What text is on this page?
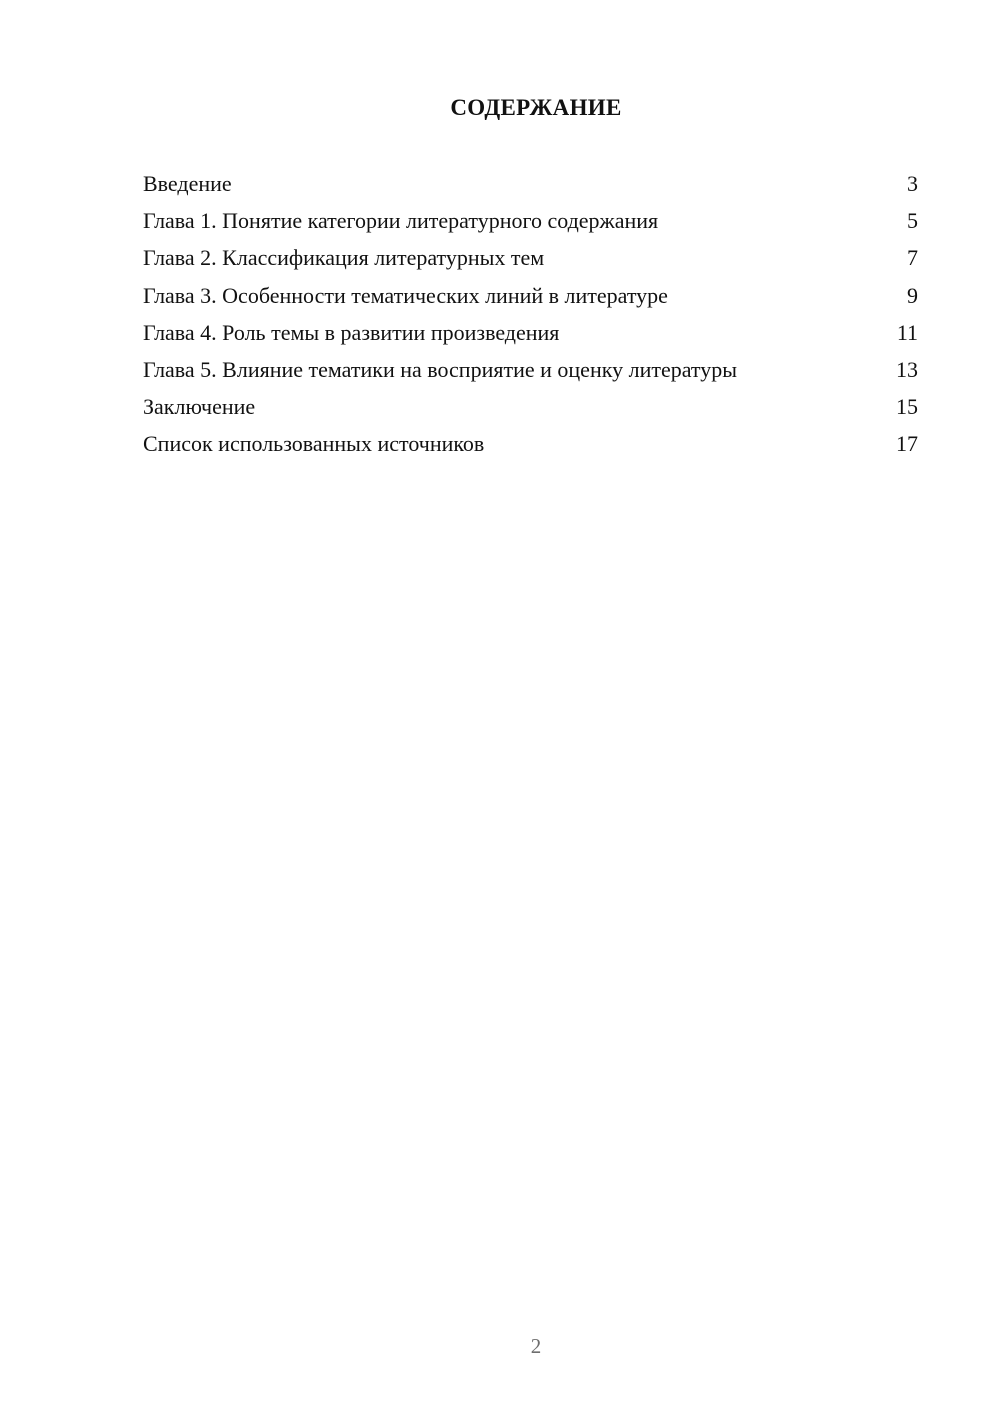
СОДЕРЖАНИЕ
Введение	3
Глава 1. Понятие категории литературного содержания	5
Глава 2. Классификация литературных тем	7
Глава 3. Особенности тематических линий в литературе	9
Глава 4. Роль темы в развитии произведения	11
Глава 5. Влияние тематики на восприятие и оценку литературы	13
Заключение	15
Список использованных источников	17
2
